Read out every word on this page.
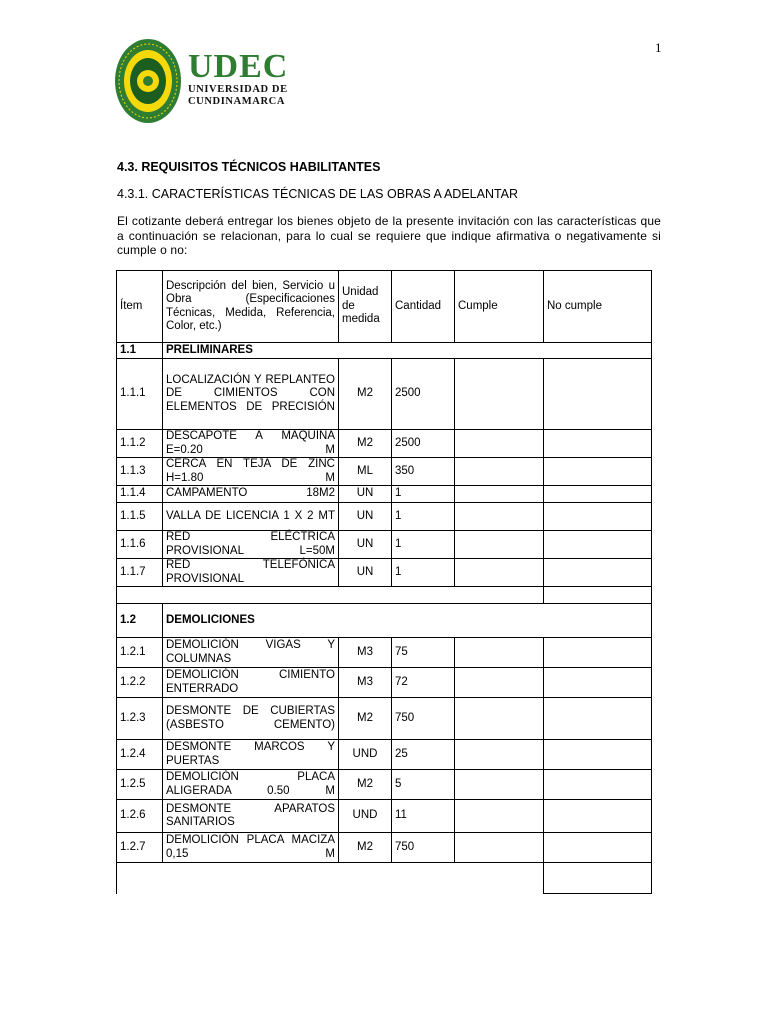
1
UDEC
UNIVERSIDAD DE
CUNDINAMARCA
4.3. REQUISITOS TÉCNICOS HABILITANTES
4.3.1. CARACTERÍSTICAS TÉCNICAS DE LAS OBRAS A ADELANTAR
El cotizante deberá entregar los bienes objeto de la presente invitación con las características que a continuación se relacionan, para lo cual se requiere que indique afirmativa o negativamente si cumple o no:
Ítem	Descripción del bien, Servicio u Obra (Especificaciones Técnicas, Medida, Referencia, Color, etc.)	Unidad de medida	Cantidad	Cumple	No cumple
1.1	PRELIMINARES				
1.1.1	LOCALIZACIÓN Y REPLANTEO DE CIMIENTOS CON ELEMENTOS DE PRECISIÓN	M2	2500		
1.1.2	DESCAPOTE A MAQUINA E=0.20 M	M2	2500		
1.1.3	CERCA EN TEJA DE ZINC H=1.80 M	ML	350		
1.1.4	CAMPAMENTO 18M2	UN	1		
1.1.5	VALLA DE LICENCIA 1 X 2 MT	UN	1		
1.1.6	RED ELÉCTRICA PROVISIONAL L=50M	UN	1		
1.1.7	RED TELEFÓNICA PROVISIONAL	UN	1		

1.2	DEMOLICIONES				
1.2.1	DEMOLICIÓN VIGAS Y COLUMNAS	M3	75		
1.2.2	DEMOLICIÓN CIMIENTO ENTERRADO	M3	72		
1.2.3	DESMONTE DE CUBIERTAS (ASBESTO CEMENTO)	M2	750		
1.2.4	DESMONTE MARCOS Y PUERTAS	UND	25		
1.2.5	DEMOLICIÓN PLACA ALIGERADA 0.50 M	M2	5		
1.2.6	DESMONTE APARATOS SANITARIOS	UND	11		
1.2.7	DEMOLICIÓN PLACA MACIZA 0,15 M	M2	750		
